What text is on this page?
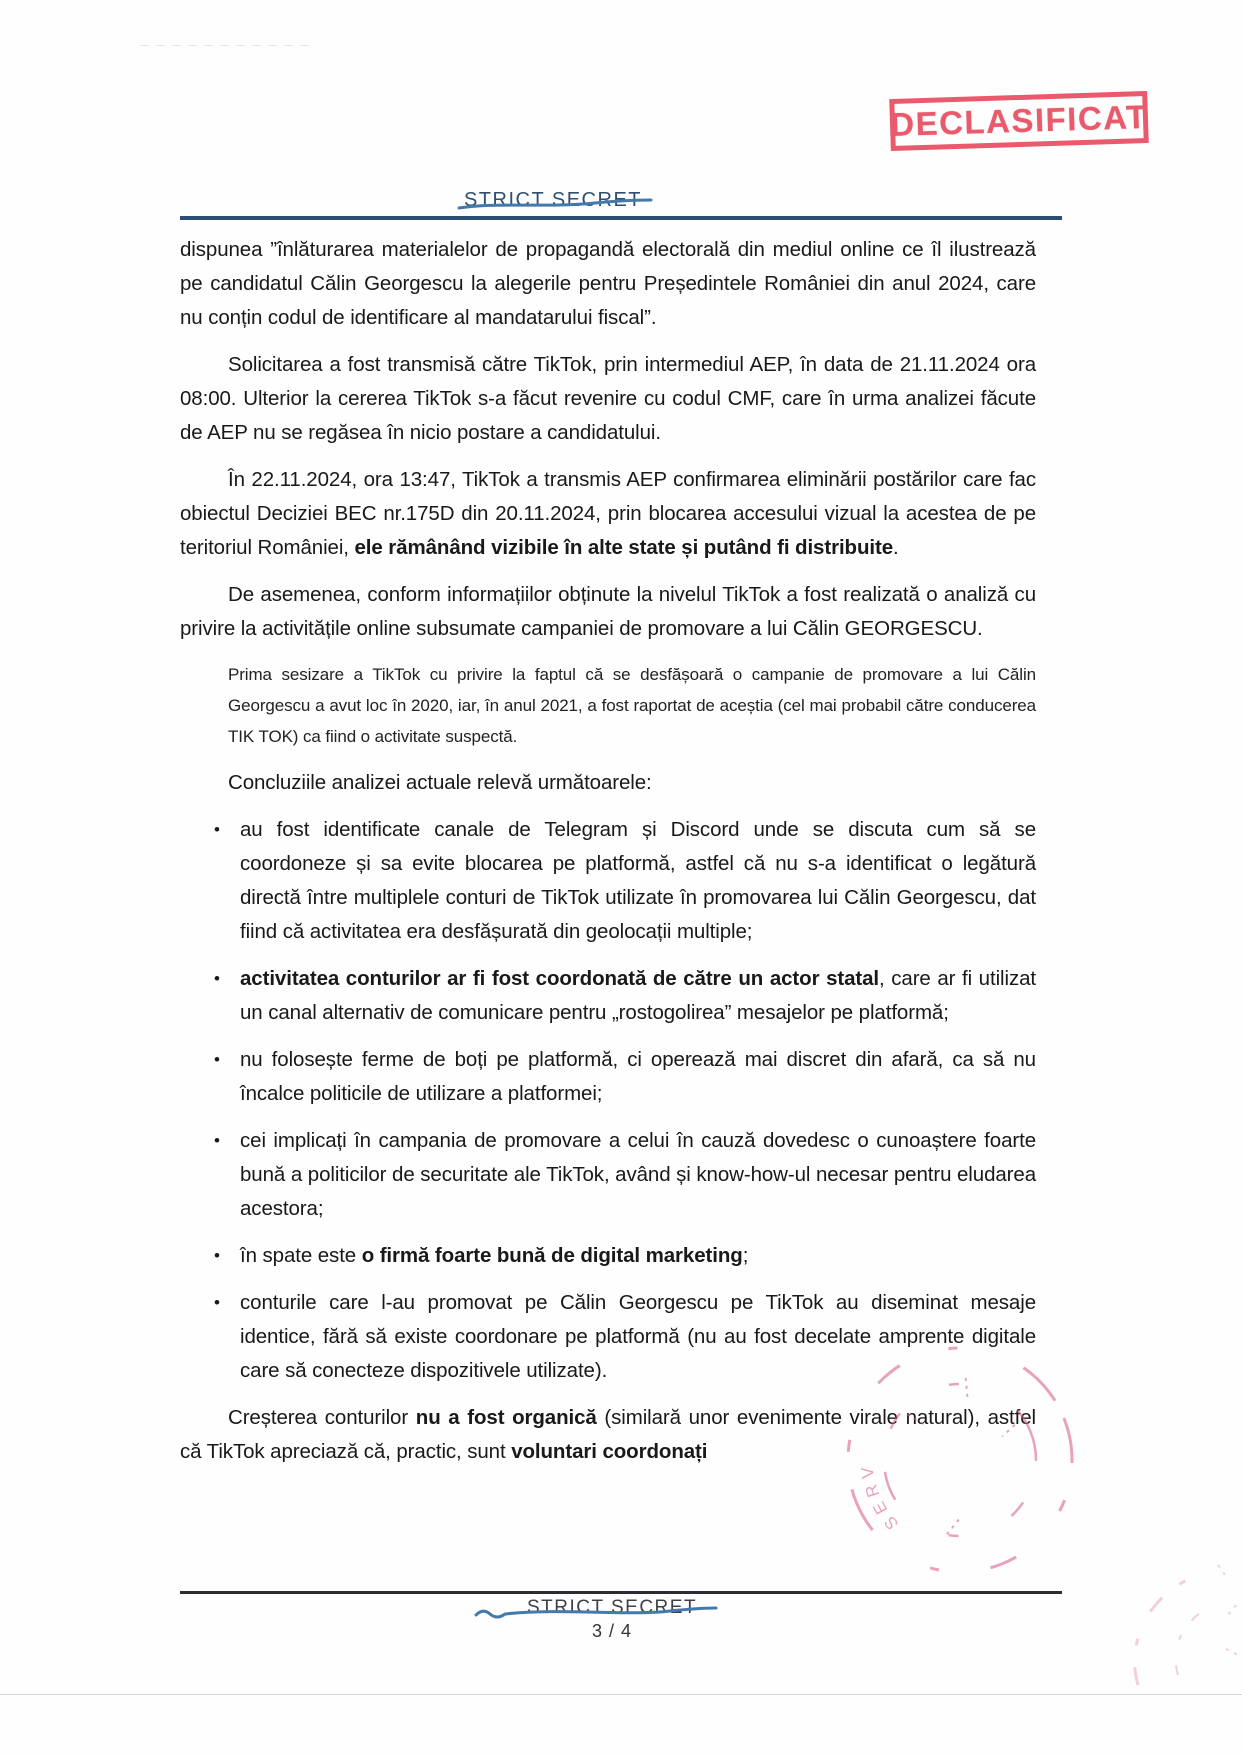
DECLASIFICAT
STRICT SECRET

dispunea ”înlăturarea materialelor de propagandă electorală din mediul online ce îl ilustrează pe candidatul Călin Georgescu la alegerile pentru Președintele României din anul 2024, care nu conțin codul de identificare al mandatarului fiscal”.

Solicitarea a fost transmisă către TikTok, prin intermediul AEP, în data de 21.11.2024 ora 08:00. Ulterior la cererea TikTok s-a făcut revenire cu codul CMF, care în urma analizei făcute de AEP nu se regăsea în nicio postare a candidatului.

În 22.11.2024, ora 13:47, TikTok a transmis AEP confirmarea eliminării postărilor care fac obiectul Deciziei BEC nr.175D din 20.11.2024, prin blocarea accesului vizual la acestea de pe teritoriul României, ele rămânând vizibile în alte state și putând fi distribuite.

De asemenea, conform informațiilor obținute la nivelul TikTok a fost realizată o analiză cu privire la activitățile online subsumate campaniei de promovare a lui Călin GEORGESCU.

Prima sesizare a TikTok cu privire la faptul că se desfășoară o campanie de promovare a lui Călin Georgescu a avut loc în 2020, iar, în anul 2021, a fost raportat de aceștia (cel mai probabil către conducerea TIK TOK) ca fiind o activitate suspectă.

Concluziile analizei actuale relevă următoarele:

• au fost identificate canale de Telegram și Discord unde se discuta cum să se coordoneze și sa evite blocarea pe platformă, astfel că nu s-a identificat o legătură directă între multiplele conturi de TikTok utilizate în promovarea lui Călin Georgescu, dat fiind că activitatea era desfășurată din geolocații multiple;
• activitatea conturilor ar fi fost coordonată de către un actor statal, care ar fi utilizat un canal alternativ de comunicare pentru „rostogolirea” mesajelor pe platformă;
• nu folosește ferme de boți pe platformă, ci operează mai discret din afară, ca să nu încalce politicile de utilizare a platformei;
• cei implicați în campania de promovare a celui în cauză dovedesc o cunoaștere foarte bună a politicilor de securitate ale TikTok, având și know-how-ul necesar pentru eludarea acestora;
• în spate este o firmă foarte bună de digital marketing;
• conturile care l-au promovat pe Călin Georgescu pe TikTok au diseminat mesaje identice, fără să existe coordonare pe platformă (nu au fost decelate amprente digitale care să conecteze dispozitivele utilizate).

Creșterea conturilor nu a fost organică (similară unor evenimente virale natural), astfel că TikTok apreciază că, practic, sunt voluntari coordonați

SERV
STRICT SECRET
3 / 4
